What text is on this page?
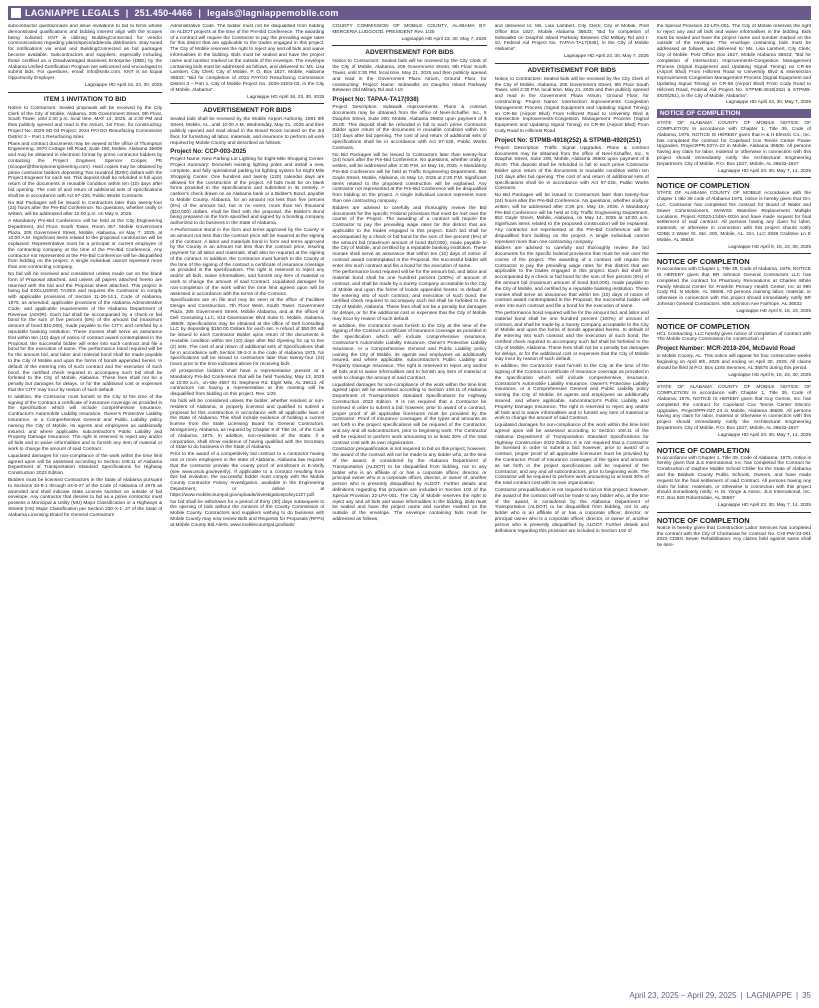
LAGNIAPPE LEGALS | 251.450-4466 | legals@lagniappemobile.com

subcontractor questionnaire and issue invitations to bid to firms whose demonstrated qualifications and bidding interest align with the scopes being solicited. KNT is utilizing BuildingConnected for vendor communications regarding plans/specs/addenda distribution. Stay tuned for notifications via email and BuildingConnected as bid packages become available. Subcontractors and suppliers, especially including those certified as a Disadvantaged Business Enterprise (DBE) by the Alabama Unified Certification Program are welcomed and encouraged to submit bids. For questions, email: info@knttx.com. KNT is an Equal Opportunity Employer.

Lagniappe HD April 16, 23, 30, 2025

ITEM 1 INVITATION TO BID

Notice to Contractors: Sealed proposals will be received by the City Clerk of the City of Mobile, Alabama, 205 Government Street, 9th Floor, South Tower, until 2:30 p.m. local time, MAY 14, 2025, at 2:30 PM and then publicly opened and read in the Atrium, 1st Floor, for constructing: Project No: 2025-SD-03 Project: 2024 PAYGO Resurfacing Commission District 3 – Part 1 Resurfacing Sites

Plans and contract documents may be viewed at the office of Thompson Engineering, 2970 Cottage Hill Road, Suite 190, Mobile, Alabama 36606 and may be obtained in electronic format by prime contractor bidders by contacting the Project Engineer, Spencer Cooper, PE (scooper@thompsonengineering.com). Hard copies may be obtained by prime contractor bidders depositing Two Hundred ($200) dollars with the Project Engineer for each set. This deposit shall be refunded in full upon return of the documents in reusable condition within ten (10) days after bid opening. The cost of and return of additional sets of specifications shall be in accordance with Act 97-225, Public Works Contracts.

No Bid Packages will be issued to Contractors later than twenty-four (24) hours after the Pre-Bid Conference. No questions, whether orally or written, will be addressed after 12:00 p.m. on May 9, 2025.

A Mandatory Pre-Bid Conference will be held at the City Engineering Department, 3rd Floor, South Tower, Room 357, Mobile Government Plaza, 205 Government Street, Mobile, Alabama, on May 7, 2025, at 10:00 A.M. Significant items related to the proposed construction will be explained. Representative must be a principal or current employee of the contracting company at the time of the Pre-Bid Conference. Any contractor not represented at the Pre-Bid Conference will be disqualified from bidding on the project. A single individual cannot represent more than one contracting company.

No bid will be received and considered unless made out on the blank form of Proposal attached, and unless all papers attached hereto are returned with the bid and the Proposal sheet attached. This project is being bid EXCLUDING TAXES and requires the Contractor to comply with applicable provisions of Section 11-26-14.1, Code of Alabama, 1975, as amended; applicable provisions of the Alabama Administrative Code; and applicable requirements of the Alabama Department of Revenue (ADOR). Each bid shall be accompanied by a check or bid bond for the sum of five percent (5%) of the amount bid (maximum amount of bond $10,000), made payable to the CITY, and certified by a reputable banking institution. These monies shall serve as assurance that within ten (10) days of notice of contract award contemplated in the Proposal, the successful bidder will enter into such contract and file a bond for the execution of same. The performance bond required will be for the amount bid, and labor and material bond shall be made payable to the City of Mobile and upon the forms of bonds appended herein. In default of the entering into of such contract and the execution of such bond, the certified check required to accompany such bid shall be forfeited to the City of Mobile, Alabama. These fees shall not be a penalty but damages for delays, or for the additional cost or expenses that the CITY may incur by reason of such default.

In addition, the Contractor must furnish to the City at the time of the signing of the Contract a certificate of insurance coverage as provided in the specification which will include comprehensive insurance, Contractor's Automobile Liability Insurance, Owner's Protective Liability Insurance, or a Comprehensive General and Public Liability policy naming the City of Mobile, its agents and employees as additionally insured, and where applicable, subcontractor's Public Liability and Property Damage Insurance. The right is reserved to reject any and/or all bids and to waive informalities and to furnish any item of material or work to change the amount of said Contract.

Liquidated damages for non-compliance of the work within the time limit agreed upon will be assessed according to Section 108.11 of Alabama Department of Transportation Standard Specifications for Highway Construction 2022 Edition.

Bidders must be licensed Contractors in the State of Alabama pursuant to Sections 34-8-1 through 34-8-27 of the Code of Alabama of 1975 as amended and shall indicate State License Number on outside of bid envelope. Any contractor that desires to bid as a prime contractor must possess a Municipal & Utility (MU) Major Classification or a Highways & Streets (HS) Major Classification per Section 230-X-1-.27 of the State of Alabama Licensing Board for General Contractors

Administrative Code. The bidder must not be disqualified from bidding on ALDOT projects at the time of the Pre-Bid Conference. The awarding of a contract will require the Contractor to pay the prevailing wage rates for this district that are applicable to the trades engaged in this project. The City of Mobile reserves the right to reject any and all bids and waive informalities in the bidding. Bids must be sealed and have the project name and number marked on the outside of the envelope. The envelope containing bids must be addressed as follows, and delivered to: Ms. Lisa Lambert, City Clerk; City of Mobile, P. O. Box 1827, Mobile, Alabama 36633: "Bid for completion of 2024 PAYGO Resurfacing Commission District 3 – Part 1, City of Mobile Project No. 2025-SD03-03, in the City of Mobile, Alabama".

Lagniappe HD April 16, 23, 30, 2025

ADVERTISEMENT FOR BIDS

Sealed bids shall be received by the Mobile Airport Authority, 1891 9th Street, Mobile, AL, until 10:00 A.M. Wednesday, May 21, 2025 and then publicly opened and read aloud in the Board Room located on the 3rd floor, for furnishing all labor, materials, and insurance to perform all work required by Mobile County and described as follows:

Project No: CCP-003-2025

Project Name: New Parking Lot Lighting for Eight-Mile Shopping Center. Project Summary: Demolish existing lighting poles and install a new, complete, and fully operational parking lot lighting system for Eight Mile Shopping Center. One hundred and twenty (120) calendar days are allowed for the construction of the project. All bids must be on blank forms provided in the Specifications and submitted in its entirety. A cashier's check drawn on an Alabama bank or a Bidder's Bond, payable to Mobile County, Alabama, for an amount not less than five percent (5%) of the amount bid, but in no event, more than ten thousand ($10,000) dollars, shall be filed with the proposal, the Bidder's Bond being prepared on the form specified and signed by a bonding company authorized to do business in the State of Alabama.

A Performance Bond in the form and terms approved by the County in an amount not less than the contract price will be required at the signing of the contract. A labor and materials bond in form and terms approved by the County in an amount not less than the contract price, insuring payment for all labor and materials, shall also be required at the signing of the contract. In addition, the Contractor must furnish to the County at the time of the signing of the contract a certificate of insurance coverage as provided in the specifications. The right is reserved to reject any and/or all bids, waive informalities, and furnish any item of material or work to change the amount of said Contract. Liquidated damages for non-completion of the work within the time limit agreed upon will be assessed in accordance with the terms of the Contract.

Specifications are on file and may be seen at the office of Facilities Design and Construction, 7th Floor West, South Tower, Government Plaza, 205 Government Street, Mobile Alabama, and at the offices of Dell Consulting LLC, 813 Downtowner Blvd Suite D, Mobile, Alabama, 36609. Specifications may be obtained at the office of Dell Consulting LLC by depositing $150.00 Dollars for each set. A refund of $50.00 will be issued to each Contractor Bidder upon return of the documents in reusable condition within ten (10) days after Bid Opening for up to two (2) sets. The cost of and return of additional sets of Specifications shall be in accordance with Section 39-2-3 in the code of Alabama 1975. No specifications will be issued to contractors later than twenty-four (24) hours prior to the time indicated above for receiving bids.

All prospective bidders shall have a representative present at a Mandatory Pre-bid Conference that will be held Tuesday, May 13, 2025 at 10:00 a.m., on-site 4557 St. Stephens Rd. Eight Mile, AL 36613. All contractors not having a representative at this meeting will be disqualified from bidding on this project. Rev. 1/25

No bids will be considered unless the bidder, whether resident or non-resident of Alabama, is properly licensed and qualified to submit a proposal for this construction in accordance with all applicable laws of the State of Alabama. This shall include evidence of holding a current license from the State Licensing Board for General Contractors, Montgomery, Alabama, as required by Chapter 8 of Title 34, of the Code of Alabama, 1975. In addition, non-residents of the State, if a corporation, shall show evidence of having qualified with the Secretary of State to do business in the State of Alabama.

Prior to the award of a competitively bid contract to a contractor having one or more employees in the state of Alabama, Alabama law requires that the contractor provide the county proof of enrollment in E-Verify (see www.uscis.gov/everify). If applicable to a contract resulting from this bid invitation, the successful bidder must comply with the Mobile County Contractor Felony Investigation, available in the Engineering Department, or online at https://www.mobilecountyal.gov/uploads/investigationpolicy1107.pdf.

No bid shall be withdrawn for a period of thirty (30) days subsequent to the opening of bids without the consent of the County Commission of Mobile County. Contractors and suppliers wishing to do business with Mobile County may now review Bids and Requests for Proposals (RFPs) at Mobile County Bid Alerts. www.mobilecountyal.gov/bids/

COUNTY COMMISSION OF MOBILE COUNTY, ALABAMA BY: MERCERIA LUDGOOD, PRESIDENT Rev. 1/25

Lagniappe HD April 23, 30, May 7, 2025

ADVERTISEMENT FOR BIDS

Notice to Contractors: Sealed bids will be received by the City Clerk of the City of Mobile, Alabama, 205 Government Street, 9th Floor South Tower, until 2:30 PM. local time, May 21, 2025 and then publicly opened and read in the Government Plaza Atrium, Ground Floor, for constructing: Project Name: Sidewalks on Dauphin Island Parkway Between Old Military Rd and I-10

Project No: TAPAA-TA17(938)

Project Description: Sidewalk Improvements. Plans & contract documents may be obtained from the office of Neel-Schaffer, Inc., 5 Dauphin Street, Suite 200, Mobile, Alabama 36602 upon payment of $ 25.00. This deposit shall be refunded in full to each prime Contractor Bidder upon return of the documents in reusable condition within ten (10) days after bid opening. The cost of and return of additional sets of specifications shall be in accordance with Act 97-225, Public Works Contracts.

No Bid Packages will be issued to Contractors later than twenty-four (24) hours after the Pre-Bid Conference. No questions, whether orally or written, will be addressed after 2:30 P.M. on May 19, 2025. A Mandatory Pre-Bid Conference will be held at Traffic Engineering Department, 852 Gayle Street, Mobile, Alabama, on May 14, 2025 at 2:30 P.M. Significant items related to the proposed construction will be explained. Any contractor not represented at the Pre-Bid Conference will be disqualified from bidding on the project. A single individual cannot represent more than one contracting company.

Bidders are advised to carefully and thoroughly review the Bid documents for the specific Federal provisions that must be met over the course of the Project. The awarding of a contract will require the Contractor to pay the prevailing wage rates for this district that are applicable to the trades engaged in this project. Each bid shall be accompanied by a check or bid bond for the sum of five percent (5%) of the amount bid (maximum amount of bond $10,000), made payable to the City of Mobile, and certified by a reputable banking institution. These monies shall serve as assurance that within ten (10) days of notice of contract award contemplated in the Proposal, the successful bidder will enter into such contract and file a bond for the execution of same.

The performance bond required will be for the amount bid, and labor and material bond shall be one hundred percent (100%) of amount of contract, and shall be made by a Surety Company acceptable to the City of Mobile and upon the forms of bonds appended hereto. In default of the entering into of such contract, and execution of such bond, the certified check required to accompany such bid shall be forfeited to the City of Mobile, Alabama. These fees shall not be a penalty but damages for delays, or for the additional cost or expenses that the City of Mobile may incur by reason of such default.

In addition, the Contractor must furnish to the City at the time of the signing of the Contract a certificate of insurance coverage as provided in the specification which will include comprehensive insurance, Contractor's Automobile Liability Insurance, Owner's Protective Liability Insurance, or a Comprehensive General and Public Liability policy naming the City of Mobile, its agents and employees as additionally insured, and where applicable, subcontractor's Public Liability and Property Damage Insurance. The right is reserved to reject any and/or all bids and to waive informalities and to furnish any item of material or work to change the amount of said Contract.

Liquidated damages for non-compliance of the work within the time limit agreed upon will be assessed according to Section 108.11 of Alabama Department of Transportation Standard Specifications for Highway Construction 2022 Edition. It is not required that a Contractor be licensed in order to submit a bid; however, prior to award of a contract, proper proof of all applicable licensures must be provided by the Contractor. Proof of insurance coverages of the types and amounts as set forth in the project specifications will be required of the Contractor, and any and all subcontractors, prior to beginning work. The Contractor will be required to perform work amounting to at least 30% of the total contract cost with its own organization.

Contractor prequalification is not required to bid on this project; however, the award of the contract will not be made to any bidder who, at the time of the award, is considered by the Alabama Department of Transportation (ALDOT) to be disqualified from bidding, nor to any bidder who is an affiliate of or has a corporate officer, director, or principal owner who is a corporate officer, director, or owner of, another person who is presently disqualified by ALDOT. Further details and definitions regarding this provision are included in Section 102 of the Special Provision 22-LPA-001. The City of Mobile reserves the right to reject any and all bids and waive informalities in the bidding. Bids must be sealed and have the project name and number marked on the outside of the envelope. The envelope containing bids must be addressed as follows,

and delivered to: Ms. Lisa Lambert, City Clerk; City of Mobile, Post Office Box 1827, Mobile Alabama 36633; "Bid for completion of Sidewalks on Dauphin Island Parkway Between Old Military Rd and I-10, Federal Aid Project No. TAPAA-TA17(938), in the City of Mobile Alabama".

Lagniappe HD April 23, 30, May 7, 2025

ADVERTISEMENT FOR BIDS

Notice to Contractors: Sealed bids will be received by the City Clerk of the City of Mobile, Alabama, 205 Government Street, 9th Floor South Tower, until 2:30 P.M. local time, May 21, 2025 and then publicly opened and read in the Government Plaza Atrium, Ground Floor, for constructing: Project Name: Intersection Improvements Congestion Management Process (Signal Equipment and Updating Signal Timing) on CR-56 (Airport Blvd) From Hillcrest Road to University Blvd & Intersection Improvements-Congestion Management Process (Signal Equipment and Updating Signal Timing) on CR-56 (Airport Blvd) From Cody Road to Hillcrest Road

Project No: STPMB-4918(252) & STPMB-4920(251)

Project Description: Traffic Signal Upgrades. Plans & contract documents may be obtained from the office of Neel-Schaffer, Inc., 5 Dauphin Street, Suite 200, Mobile, Alabama 36602 upon payment of $ 25.00. This deposit shall be refunded in full to each prime Contractor Bidder upon return of the documents in reusable condition within ten (10) days after bid opening. The cost of and return of additional sets of specifications shall be in accordance with Act 97-225, Public Works Contracts.

No Bid Packages will be issued to Contractors later than twenty-four (24) hours after the Pre-Bid Conference. No questions, whether orally or written, will be addressed after 2:30 pm, May 19, 2025. A Mandatory Pre-Bid Conference will be held at City Traffic Engineering Department, 852 Gayle Street, Mobile, Alabama, on May 14, 2025 at 10:00 a.m. Significant items related to the proposed construction will be explained. Any contractor not represented at the Pre-Bid Conference will be disqualified from bidding on the project. A single individual cannot represent more than one contracting company.

Bidders are advised to carefully and thoroughly review the bid documents for the specific federal provisions that must be met over the course of the project. The awarding of a contract will require the Contractor to pay the prevailing wage rates for this district that are applicable to the trades engaged in this project. Each bid shall be accompanied by a check or bid bond for the sum of five percent (5%) of the amount bid (maximum amount of bond $10,000), made payable to the City of Mobile, and certified by a reputable banking institution. These monies shall serve as assurance that within ten (10) days of notice of contract award contemplated in the Proposal, the successful bidder will enter into such contract and file a bond for the execution of same.

The performance bond required will be for the amount bid, and labor and material bond shall be one hundred percent (100%) of amount of contract, and shall be made by a Surety Company acceptable to the City of Mobile and upon the forms of bonds appended hereto. In default of the entering into such contract and the execution of such bond, the certified check required to accompany such bid shall be forfeited to the City of Mobile, Alabama. These fees shall not be a penalty but damages for delays, or for the additional cost or expenses that the City of Mobile may incur by reason of such default.

In addition, the Contractor must furnish to the City at the time of the signing of the Contract a certificate of insurance coverage as provided in the specification which will include comprehensive insurance, Contractor's Automobile Liability Insurance, Owner's Protective Liability Insurance, or a Comprehensive General and Public Liability policy naming the City of Mobile, its agents and employees as additionally insured, and where applicable, subcontractor's Public Liability and Property Damage Insurance. The right is reserved to reject any and/or all bids and to waive informalities and to furnish any item of material or work to change the amount of said Contract.

Liquidated damages for non-compliance of the work within the time limit agreed upon will be assessed according to Section 108.11 of the Alabama Department of Transportation Standard Specifications for Highway Construction 2022 Edition. It is not required that a Contractor be licensed in order to submit a bid; however, prior to award of a contract, proper proof of all applicable licensures must be provided by the Contractor. Proof of insurance coverages of the types and amounts as set forth in the project specifications will be required of the Contractor, and any and all subcontractors, prior to beginning work. The Contractor will be required to perform work amounting to at least 30% of the total contract cost with its own organization.

Contractor prequalification is not required to bid on this project; however, the award of the contract will not be made to any bidder who, at the time of the award, is considered by the Alabama Department of Transportation (ALDOT) to be disqualified from bidding, nor to any bidder who is an affiliate of or has a corporate officer, director, or principal owner who is a corporate officer, director, or owner of, another person who is presently disqualified by ALDOT. Further details and definitions regarding this provision are included in Section 102 of

the Special Provision 22-LPA-001. The City of Mobile reserves the right to reject any and all bids and waive informalities in the bidding. Bids must be sealed and have the project name and number marked on the outside of the envelope. The envelope containing bids must be addressed as follows, and delivered to: Ms. Lisa Lambert, City Clerk; City of Mobile, Post Office Box 1827, Mobile Alabama 36633; "Bid for completion of Intersection Improvements-Congestion Management Process (Signal Equipment and Updating Signal Timing) on CR-56 (Airport Blvd) From Hillcrest Road to University Blvd & Intersection Improvements-Congestion Management Process (Signal Equipment and Updating Signal Timing) on CR-56 (Airport Blvd) From Cody Road to Hillcrest Road, Federal Aid Project No. STPMB-4918(252) & STPMB-4920(251), in the City of Mobile, Alabama".

Lagniappe HD April 23, 30, May 7, 2025

NOTICE OF COMPLETION

STATE OF ALABAMA COUNTY OF MOBILE NOTICE OF COMPLETION In accordance with Chapter 1, Title 39, Code of Alabama, 1975, NOTICE IS HEREBY given that H & H Electric Co., Inc. has completed the contract for Copeland Cox Tennis Center Power Upgrades, Project#PR-037A-23 in Mobile, Alabama 36608. All persons having any claim for labor, material or otherwise in connection with this project should immediately notify the Architectural Engineering Department, City of Mobile, P.O. Box 1827, Mobile, AL 36633-1827

Lagniappe HD April 23, 30, May 7, 14, 2025

NOTICE OF COMPLETION

STATE OF ALABAMA COUNTY OF MOBILE Accordance with the chapter 1 title 39 code of Alabama 1975, notice is hereby given that GH, LLC, Contractor has completed the contract for Board of Water and Sewer Commissioners, MAWSS Waterline Replacement Multiple Locations, Project #2023-1348A-003A and have made request for final settlement of said contract. All persons having any claim for labor, materials, or otherwise in connection with this project should notify CDBK 2 Water St. Ste. 300, Mobile, AL. GH, LLC 2939 Crabtree Ln E Mobile, AL 36618

Lagniappe HD April 9, 16, 23, 30, 2025

NOTICE OF COMPLETION

In accordance with Chapter 1, Title 39, Code of Alabama, 1975, NOTICE IS HEREBY given that BR Johnson General Contractors LLC has completed the contract for Pharmacy Renovations at Charles White Family Medical Center for Franklin Primary Health Center, Inc at 990 Cody Rd. N Mobile, AL 36608. All persons claiming labor, material, or otherwise in connection with this project should immediately notify BR Johnson General Contractors. 606 Johnson Ave Fairhope, AL 36532

Lagniappe HD April 9, 16, 23, 2025

NOTICE OF COMPLETION

HCL Contracting, LLC hereby gives notice of completion of contract with The Mobile County Commission for construction of

Project Number: MCR-2018-204, McDavid Road

in Mobile County, AL. This notice will appear for four consecutive weeks beginning on April 9th, 2025 and ending on April 30, 2025. All claims should be filed at P.O. Box 1245 Semmes, AL 36575 during this period.

Lagniappe HD April 9, 16, 23, 30, 2025

STATE OF ALABAMA COUNTY OF MOBILE NOTICE OF COMPLETION In accordance with Chapter 1, Title 39, Code of Alabama, 1975, NOTICE IS HEREBY given that Guy Gemini, Inc. has completed the contract for Copeland Cox Tennis Center Electric Upgrades, Project#PR-037-23 in Mobile, Alabama 36608. All persons having any claim for labor, material or otherwise in connection with this project should immediately notify the Architectural Engineering Department, City of Mobile, P.O. Box 1827, Mobile, AL 36633-1827

Lagniappe HD April 23, 30, May 7, 14, 2025

NOTICE OF COMPLETION

In accordance with Chapter 1, Title 39, Code of Alabama, 1975, notice is hereby given that JLS International, Inc. has completed the Contract for Construction of Daphne Middle School Chiller for the State of Alabama and the Baldwin County Public Schools, Owners, and have made request for the final settlement of said Contract. All persons having any claim for labor, materials, or otherwise in connection with this project should immediately notify: H. M. Yonge & Assoc. JLS International, Inc. P.O. Box 928 Robertsdale, AL 36567

Lagniappe HD April 23, 30, May 7, 14, 2025

NOTICE OF COMPLETION

Notice is hereby given that Construction Labor Services has completed the contract with the City of Chickasaw for Contract No. CHI-PW-23-001 2023 CDBG Sewer Rehabilitation. Any claims held against same shall be item-

April 23, 2025 – April 29, 2025 | LAGNIAPPE | 35
